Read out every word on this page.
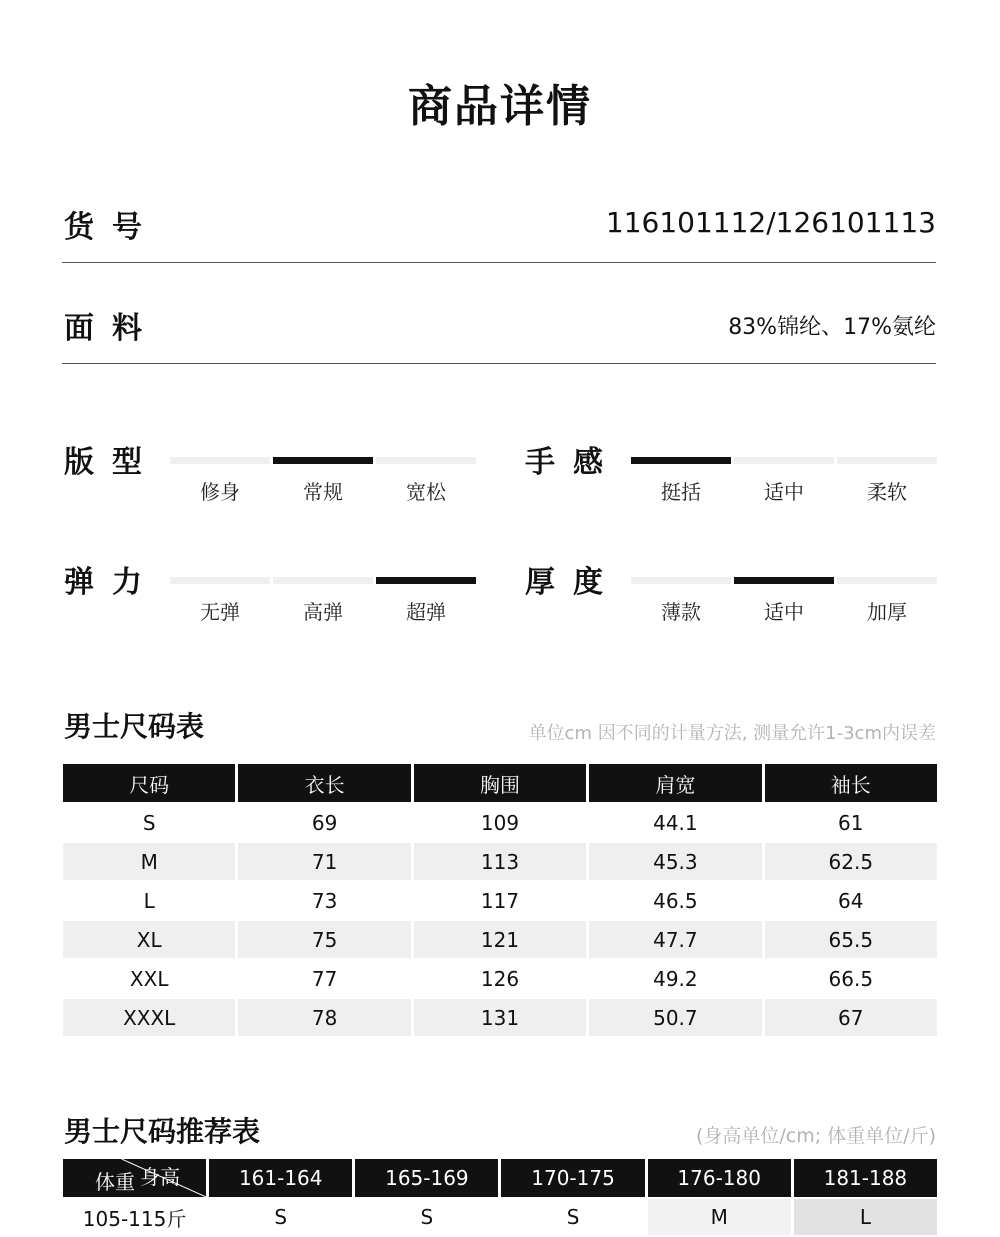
商品详情
货号	116101112/126101113
面料	83%锦纶、17%氨纶
版型
修身	常规	宽松
手感
挺括	适中	柔软
弹力
无弹	高弹	超弹
厚度
薄款	适中	加厚
男士尺码表	单位cm 因不同的计量方法, 测量允许1-3cm内误差
尺码	衣长	胸围	肩宽	袖长
S	69	109	44.1	61
M	71	113	45.3	62.5
L	73	117	46.5	64
XL	75	121	47.7	65.5
XXL	77	126	49.2	66.5
XXXL	78	131	50.7	67
男士尺码推荐表	(身高单位/cm; 体重单位/斤)
体重 身高	161-164	165-169	170-175	176-180	181-188
105-115斤	S	S	S	M	L
